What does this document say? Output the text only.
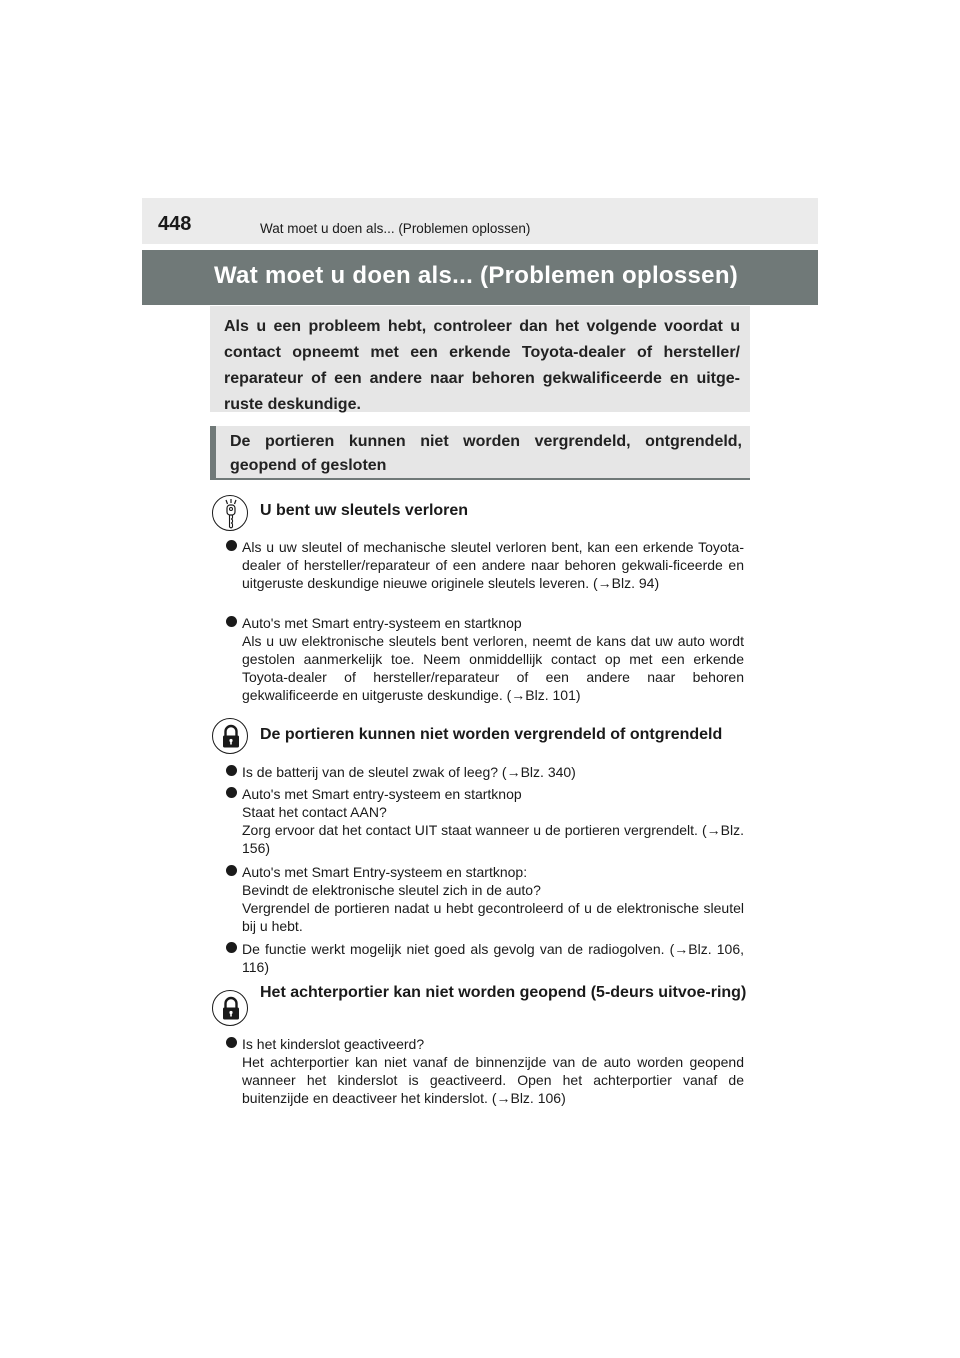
448	Wat moet u doen als... (Problemen oplossen)
Wat moet u doen als... (Problemen oplossen)

Als u een probleem hebt, controleer dan het volgende voordat u contact opneemt met een erkende Toyota-dealer of hersteller/ reparateur of een andere naar behoren gekwalificeerde en uitge-ruste deskundige.

De portieren kunnen niet worden vergrendeld, ontgrendeld, geopend of gesloten

U bent uw sleutels verloren
Als u uw sleutel of mechanische sleutel verloren bent, kan een erkende Toyota-dealer of hersteller/reparateur of een andere naar behoren gekwali-ficeerde en uitgeruste deskundige nieuwe originele sleutels leveren. (→Blz. 94)
Auto's met Smart entry-systeem en startknop
Als u uw elektronische sleutels bent verloren, neemt de kans dat uw auto wordt gestolen aanmerkelijk toe. Neem onmiddellijk contact op met een erkende Toyota-dealer of hersteller/reparateur of een andere naar behoren gekwalificeerde en uitgeruste deskundige. (→Blz. 101)
De portieren kunnen niet worden vergrendeld of ontgrendeld
Is de batterij van de sleutel zwak of leeg? (→Blz. 340)
Auto's met Smart entry-systeem en startknop
Staat het contact AAN?
Zorg ervoor dat het contact UIT staat wanneer u de portieren vergrendelt. (→Blz. 156)
Auto's met Smart Entry-systeem en startknop:
Bevindt de elektronische sleutel zich in de auto?
Vergrendel de portieren nadat u hebt gecontroleerd of u de elektronische sleutel bij u hebt.
De functie werkt mogelijk niet goed als gevolg van de radiogolven. (→Blz. 106, 116)
Het achterportier kan niet worden geopend (5-deurs uitvoe-ring)
Is het kinderslot geactiveerd?
Het achterportier kan niet vanaf de binnenzijde van de auto worden geopend wanneer het kinderslot is geactiveerd. Open het achterportier vanaf de buitenzijde en deactiveer het kinderslot. (→Blz. 106)
